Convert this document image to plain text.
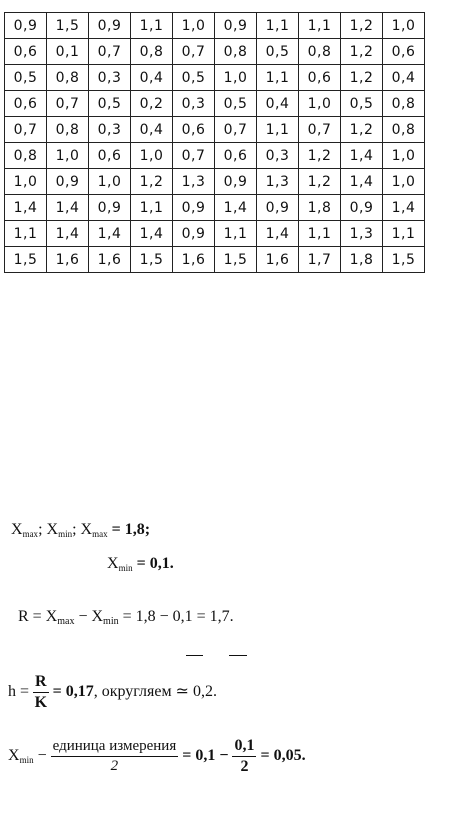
0,9	1,5	0,9	1,1	1,0	0,9	1,1	1,1	1,2	1,0
0,6	0,1	0,7	0,8	0,7	0,8	0,5	0,8	1,2	0,6
0,5	0,8	0,3	0,4	0,5	1,0	1,1	0,6	1,2	0,4
0,6	0,7	0,5	0,2	0,3	0,5	0,4	1,0	0,5	0,8
0,7	0,8	0,3	0,4	0,6	0,7	1,1	0,7	1,2	0,8
0,8	1,0	0,6	1,0	0,7	0,6	0,3	1,2	1,4	1,0
1,0	0,9	1,0	1,2	1,3	0,9	1,3	1,2	1,4	1,0
1,4	1,4	0,9	1,1	0,9	1,4	0,9	1,8	0,9	1,4
1,1	1,4	1,4	1,4	0,9	1,1	1,4	1,1	1,3	1,1
1,5	1,6	1,6	1,5	1,6	1,5	1,6	1,7	1,8	1,5
$X_{max}$; $X_{min}$; $X_{max} = 1,8$;
$X_{min} = 0,1$.
R = Xmax − Xmin = 1,8 − 0,1 = 1,7.
$h = \frac{R}{K} = 0,17$, округляем ≃ 0,2.
$X_{min} - \frac{\text{единица измерения}}{2} = 0,1 - \frac{0,1}{2} = 0,05$.
